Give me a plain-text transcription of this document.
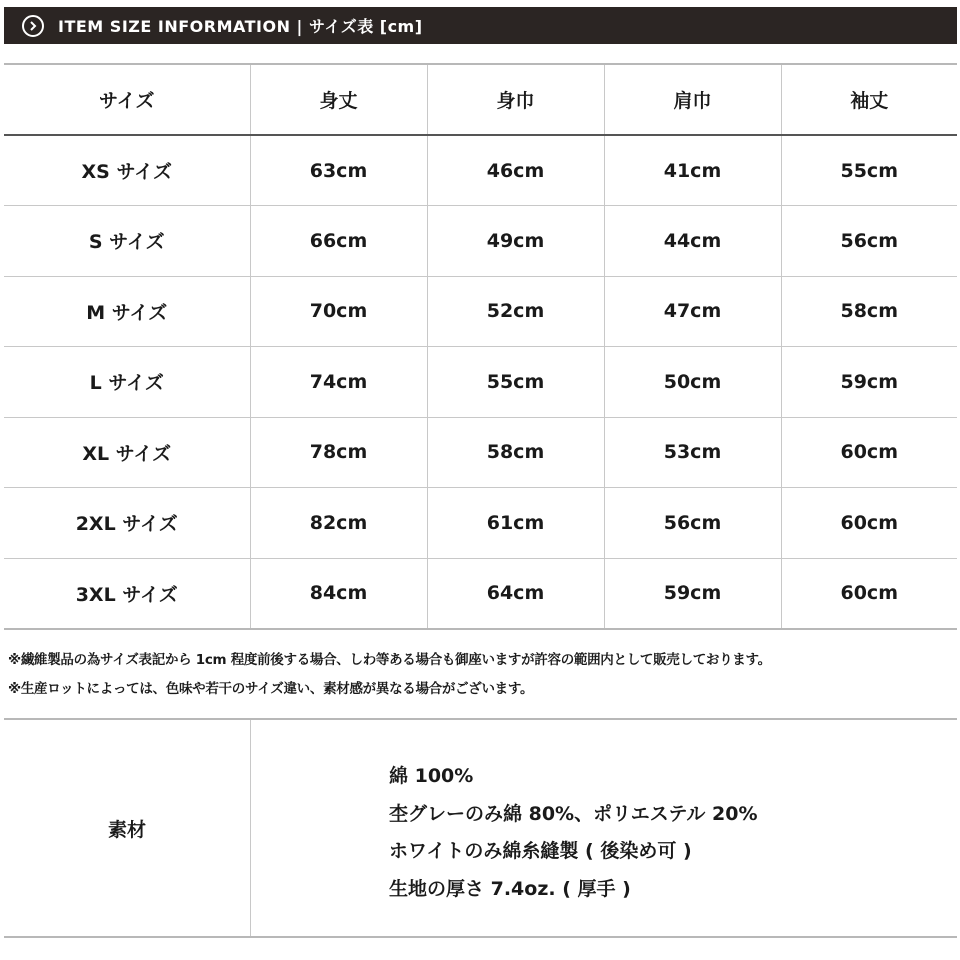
ITEM SIZE INFORMATION | サイズ表 [cm]
サイズ	身丈	身巾	肩巾	袖丈
XS サイズ	63cm	46cm	41cm	55cm
S サイズ	66cm	49cm	44cm	56cm
M サイズ	70cm	52cm	47cm	58cm
L サイズ	74cm	55cm	50cm	59cm
XL サイズ	78cm	58cm	53cm	60cm
2XL サイズ	82cm	61cm	56cm	60cm
3XL サイズ	84cm	64cm	59cm	60cm
※繊維製品の為サイズ表記から 1cm 程度前後する場合、しわ等ある場合も御座いますが許容の範囲内として販売しております。
※生産ロットによっては、色味や若干のサイズ違い、素材感が異なる場合がございます。
素材
綿 100%
杢グレーのみ綿 80%、ポリエステル 20%
ホワイトのみ綿糸縫製 ( 後染め可 )
生地の厚さ 7.4oz. ( 厚手 )
